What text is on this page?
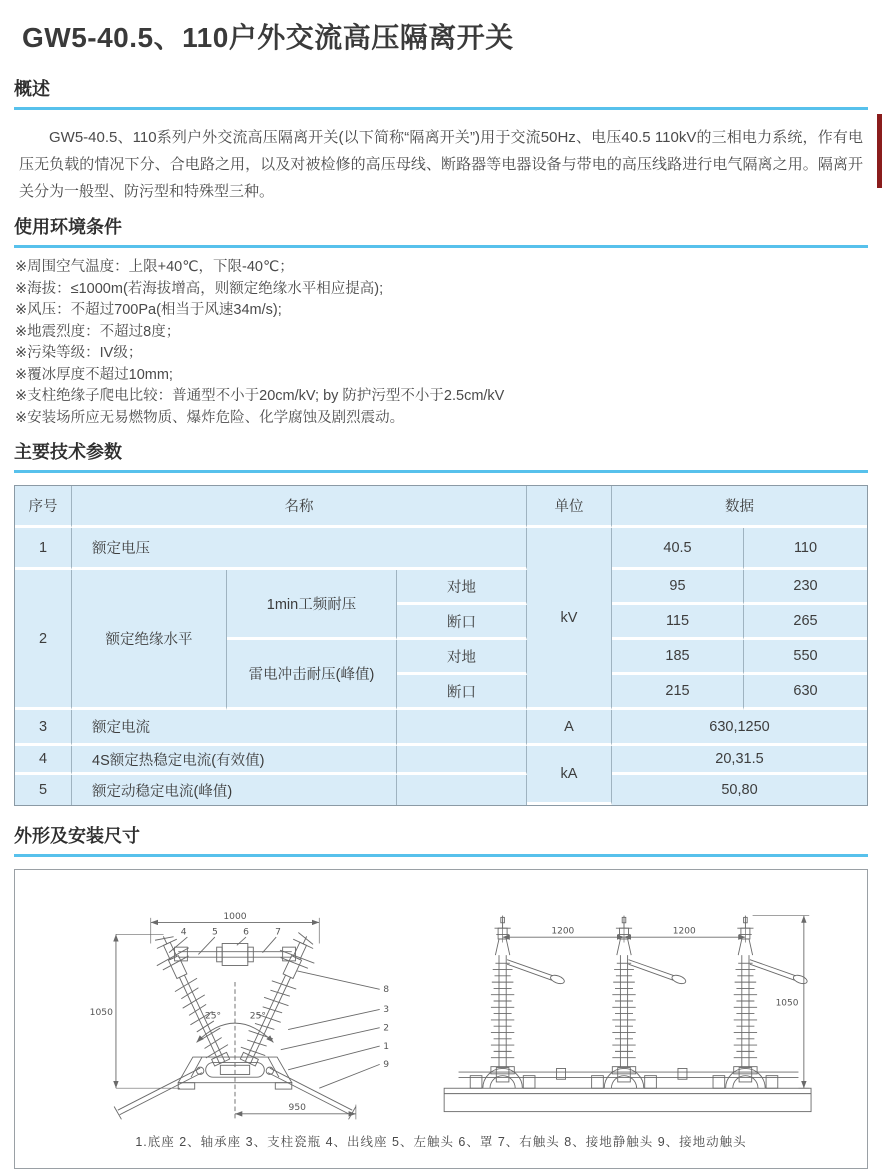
GW5-40.5、110户外交流高压隔离开关
概述

GW5-40.5、110系列户外交流高压隔离开关(以下简称“隔离开关”)用于交流50Hz、电压40.5 110kV的三相电力系统，作有电压无负载的情况下分、合电路之用，以及对被检修的高压母线、断路器等电器设备与带电的高压线路进行电气隔离之用。隔离开关分为一般型、防污型和特殊型三种。

使用环境条件
※周围空气温度：上限+40℃，下限-40℃；
※海拔：≤1000m(若海拔增高，则额定绝缘水平相应提高);
※风压：不超过700Pa(相当于风速34m/s);
※地震烈度：不超过8度；
※污染等级：IV级；
※覆冰厚度不超过10mm;
※支柱绝缘子爬电比较：普通型不小于20cm/kV; by 防护污型不小于2.5cm/kV
※安装场所应无易燃物质、爆炸危险、化学腐蚀及剧烈震动。
主要技术参数
序号	名称			单位	数据	
1	额定电压			kV	40.5	110
2	额定绝缘水平	1min工频耐压	对地		95	230
			断口		115	265
		雷电冲击耐压(峰值)	对地		185	550
			断口		215	630
3	额定电流			A	630,1250	
4	4S额定热稳定电流(有效值)			kA	20,31.5	
5	额定动稳定电流(峰值)				50,80	
外形及安装尺寸
25°	25°
1000
1050
950
4	5	6	7
8
3
2
1
9
1200	1200
1050
1.底座 2、轴承座 3、支柱瓷瓶 4、出线座 5、左触头 6、罩 7、右触头 8、接地静触头 9、接地动触头
